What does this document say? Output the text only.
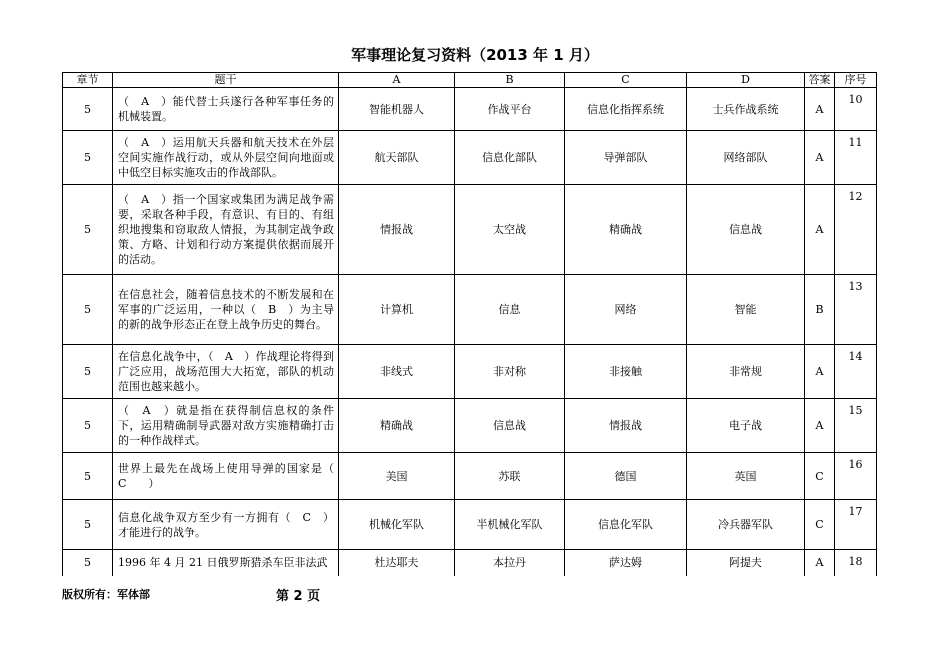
军事理论复习资料（2013 年 1 月）
章节	题干	A	B	C	D	答案	序号
5	（　A　）能代替士兵遂行各种军事任务的机械装置。	智能机器人	作战平台	信息化指挥系统	士兵作战系统	A	10
5	（　A　）运用航天兵器和航天技术在外层空间实施作战行动，或从外层空间向地面或中低空目标实施攻击的作战部队。	航天部队	信息化部队	导弹部队	网络部队	A	11
5	（　A　）指一个国家或集团为满足战争需要，采取各种手段，有意识、有目的、有组织地搜集和窃取敌人情报，为其制定战争政策、方略、计划和行动方案提供依据而展开的活动。	情报战	太空战	精确战	信息战	A	12
5	在信息社会，随着信息技术的不断发展和在军事的广泛运用，一种以（　B　）为主导的新的战争形态正在登上战争历史的舞台。	计算机	信息	网络	智能	B	13
5	在信息化战争中，（　A　）作战理论将得到广泛应用，战场范围大大拓宽，部队的机动范围也越来越小。	非线式	非对称	非接触	非常规	A	14
5	（　A　）就是指在获得制信息权的条件下，运用精确制导武器对敌方实施精确打击的一种作战样式。	精确战	信息战	情报战	电子战	A	15
5	世界上最先在战场上使用导弹的国家是（　C　　）	美国	苏联	德国	英国	C	16
5	信息化战争双方至少有一方拥有（　C　）才能进行的战争。	机械化军队	半机械化军队	信息化军队	冷兵器军队	C	17
5	1996 年 4 月 21 日俄罗斯猎杀车臣非法武	杜达耶夫	本拉丹	萨达姆	阿提夫	A	18
版权所有：军体部	第 2 页
